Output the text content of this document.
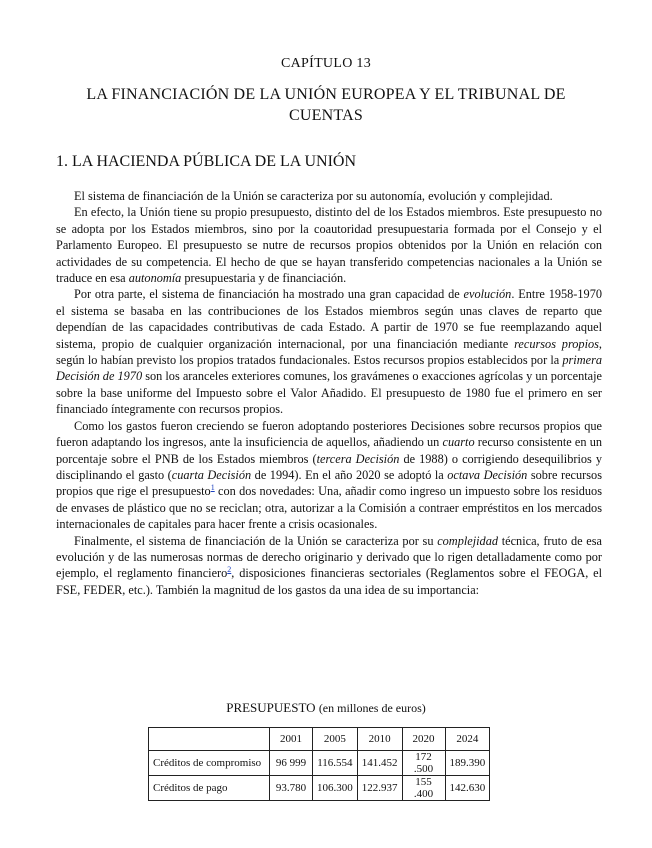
CAPÍTULO 13
LA FINANCIACIÓN DE LA UNIÓN EUROPEA Y EL TRIBUNAL DE CUENTAS
1. LA HACIENDA PÚBLICA DE LA UNIÓN

El sistema de financiación de la Unión se caracteriza por su autonomía, evolución y complejidad.

En efecto, la Unión tiene su propio presupuesto, distinto del de los Estados miembros. Este presupuesto no se adopta por los Estados miembros, sino por la coautoridad presupuestaria formada por el Consejo y el Parlamento Europeo. El presupuesto se nutre de recursos propios obtenidos por la Unión en relación con actividades de su competencia. El hecho de que se hayan transferido competencias nacionales a la Unión se traduce en esa autonomía presupuestaria y de financiación.

Por otra parte, el sistema de financiación ha mostrado una gran capacidad de evolución. Entre 1958-1970 el sistema se basaba en las contribuciones de los Estados miembros según unas claves de reparto que dependían de las capacidades contributivas de cada Estado. A partir de 1970 se fue reemplazando aquel sistema, propio de cualquier organización internacional, por una financiación mediante recursos propios, según lo habían previsto los propios tratados fundacionales. Estos recursos propios establecidos por la primera Decisión de 1970 son los aranceles exteriores comunes, los gravámenes o exacciones agrícolas y un porcentaje sobre la base uniforme del Impuesto sobre el Valor Añadido. El presupuesto de 1980 fue el primero en ser financiado íntegramente con recursos propios.

Como los gastos fueron creciendo se fueron adoptando posteriores Decisiones sobre recursos propios que fueron adaptando los ingresos, ante la insuficiencia de aquellos, añadiendo un cuarto recurso consistente en un porcentaje sobre el PNB de los Estados miembros (tercera Decisión de 1988) o corrigiendo desequilibrios y disciplinando el gasto (cuarta Decisión de 1994). En el año 2020 se adoptó la octava Decisión sobre recursos propios que rige el presupuesto$^1$ con dos novedades: Una, añadir como ingreso un impuesto sobre los residuos de envases de plástico que no se reciclan; otra, autorizar a la Comisión a contraer empréstitos en los mercados internacionales de capitales para hacer frente a crisis ocasionales.

Finalmente, el sistema de financiación de la Unión se caracteriza por su complejidad técnica, fruto de esa evolución y de las numerosas normas de derecho originario y derivado que lo rigen detalladamente como por ejemplo, el reglamento financiero$^2$, disposiciones financieras sectoriales (Reglamentos sobre el FEOGA, el FSE, FEDER, etc.). También la magnitud de los gastos da una idea de su importancia:

PRESUPUESTO (en millones de euros)
	2001	2005	2010	2020	2024
Créditos de compromiso	96 999	116.554	141.452	172 .500	189.390
Créditos de pago	93.780	106.300	122.937	155 .400	142.630
